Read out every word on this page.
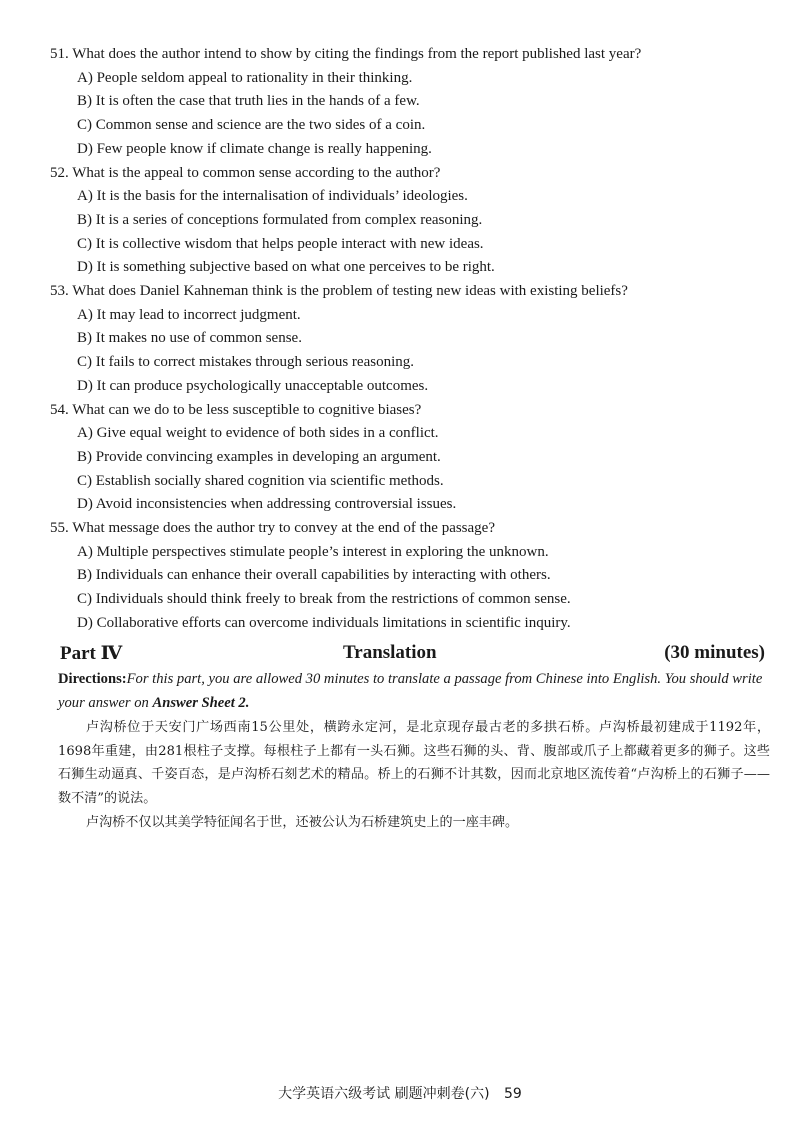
51. What does the author intend to show by citing the findings from the report published last year?
A) People seldom appeal to rationality in their thinking.
B) It is often the case that truth lies in the hands of a few.
C) Common sense and science are the two sides of a coin.
D) Few people know if climate change is really happening.
52. What is the appeal to common sense according to the author?
A) It is the basis for the internalisation of individuals’ ideologies.
B) It is a series of conceptions formulated from complex reasoning.
C) It is collective wisdom that helps people interact with new ideas.
D) It is something subjective based on what one perceives to be right.
53. What does Daniel Kahneman think is the problem of testing new ideas with existing beliefs?
A) It may lead to incorrect judgment.
B) It makes no use of common sense.
C) It fails to correct mistakes through serious reasoning.
D) It can produce psychologically unacceptable outcomes.
54. What can we do to be less susceptible to cognitive biases?
A) Give equal weight to evidence of both sides in a conflict.
B) Provide convincing examples in developing an argument.
C) Establish socially shared cognition via scientific methods.
D) Avoid inconsistencies when addressing controversial issues.
55. What message does the author try to convey at the end of the passage?
A) Multiple perspectives stimulate people’s interest in exploring the unknown.
B) Individuals can enhance their overall capabilities by interacting with others.
C) Individuals should think freely to break from the restrictions of common sense.
D) Collaborative efforts can overcome individuals limitations in scientific inquiry.
Part Ⅳ	Translation	(30 minutes)
Directions:For this part, you are allowed 30 minutes to translate a passage from Chinese into English. You should write your answer on Answer Sheet 2.
卢沟桥位于天安门广场西南15公里处，横跨永定河，是北京现存最古老的多拱石桥。卢沟桥最初建成于1192年，1698年重建，由281根柱子支撑。每根柱子上都有一头石狮。这些石狮的头、背、腹部或爪子上都藏着更多的狮子。这些石狮生动逼真、千姿百态，是卢沟桥石刻艺术的精品。桥上的石狮不计其数，因而北京地区流传着“卢沟桥上的石狮子——数不清”的说法。
卢沟桥不仅以其美学特征闻名于世，还被公认为石桥建筑史上的一座丰碑。
大学英语六级考试 刷题冲刺卷(六) 59
